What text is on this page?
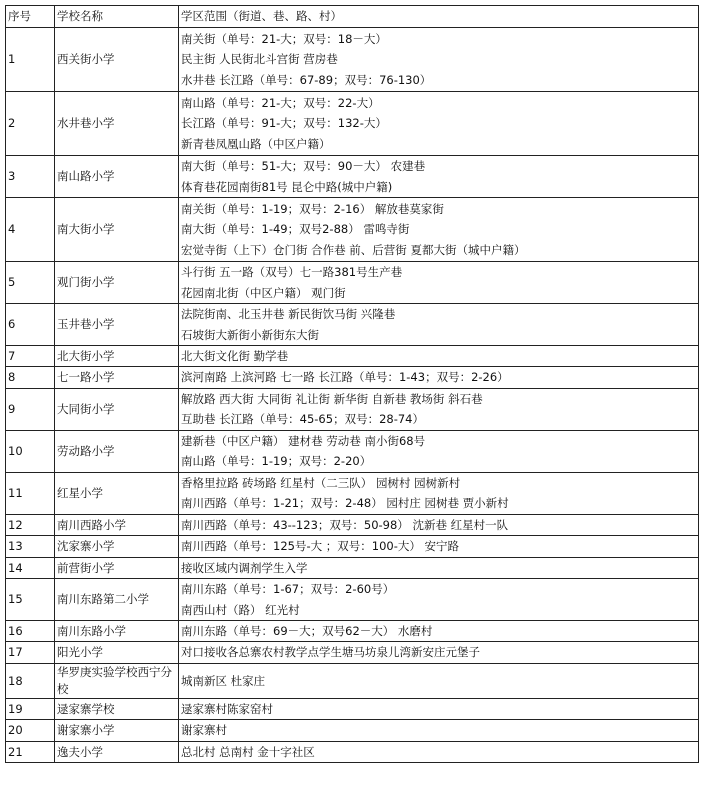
序号	学校名称	学区范围（街道、巷、路、村）
1	西关街小学	南关街（单号：21-大；双号：18－大）
民主街 人民街北斗宫街 营房巷
水井巷 长江路（单号：67-89；双号：76-130）

2	水井巷小学	南山路（单号：21-大；双号：22-大）
长江路（单号：91-大；双号：132-大）
新青巷凤凰山路（中区户籍）

3	南山路小学	南大街（单号：51-大；双号：90－大） 农建巷
体育巷花园南街81号 昆仑中路(城中户籍)

4	南大街小学	南关街（单号：1-19；双号：2-16） 解放巷莫家街
南大街（单号：1-49；双号2-88） 雷鸣寺街
宏觉寺街（上下）仓门街 合作巷 前、后营街 夏都大街（城中户籍）

5	观门街小学	斗行街 五一路（双号）七一路381号生产巷
花园南北街（中区户籍） 观门街

6	玉井巷小学	法院街南、北玉井巷 新民街饮马街 兴隆巷
石坡街大新街小新街东大街

7	北大街小学	北大街文化街 勤学巷

8	七一路小学	滨河南路 上滨河路 七一路 长江路（单号：1-43；双号：2-26）

9	大同街小学	解放路 西大街 大同街 礼让街 新华街 自新巷 教场街 斜石巷
互助巷 长江路（单号：45-65；双号：28-74）

10	劳动路小学	建新巷（中区户籍） 建材巷 劳动巷 南小街68号
南山路（单号：1-19；双号：2-20）

11	红星小学	香格里拉路 砖场路 红星村（二三队） 园树村 园树新村
南川西路（单号：1-21；双号：2-48） 园村庄 园树巷 贾小新村

12	南川西路小学	南川西路（单号：43--123；双号：50-98） 沈新巷 红星村一队

13	沈家寨小学	南川西路（单号：125号-大 ；双号：100-大） 安宁路

14	前营街小学	接收区域内调剂学生入学

15	南川东路第二小学	南川东路（单号：1-67；双号：2-60号）
南西山村（路） 红光村

16	南川东路小学	南川东路（单号：69－大；双号62－大） 水磨村

17	阳光小学	对口接收各总寨农村教学点学生塘马坊泉儿湾新安庄元堡子

18	华罗庚实验学校西宁分校	城南新区 杜家庄

19	逯家寨学校	逯家寨村陈家窑村

20	谢家寨小学	谢家寨村

21	逸夫小学	总北村 总南村 金十字社区
